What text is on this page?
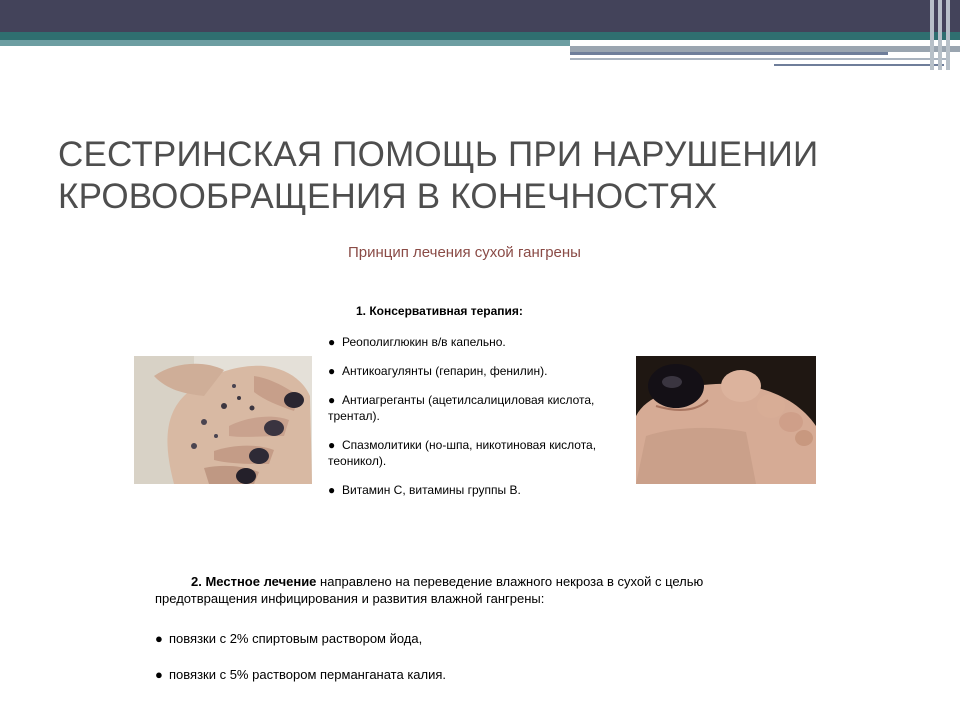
СЕСТРИНСКАЯ ПОМОЩЬ ПРИ НАРУШЕНИИ КРОВООБРАЩЕНИЯ В КОНЕЧНОСТЯХ
Принцип лечения сухой гангрены
1. Консервативная терапия:
● Реополиглюкин в/в капельно.
● Антикоагулянты (гепарин, фенилин).
● Антиагреганты (ацетилсалициловая кислота, трентал).
● Спазмолитики (но-шпа, никотиновая кислота, теоникол).
● Витамин С, витамины группы В.
2. Местное лечение направлено на переведение влажного некроза в сухой с целью предотвращения инфицирования и развития влажной гангрены:
● повязки с 2% спиртовым раствором йода,
● повязки с 5% раствором перманганата калия.
